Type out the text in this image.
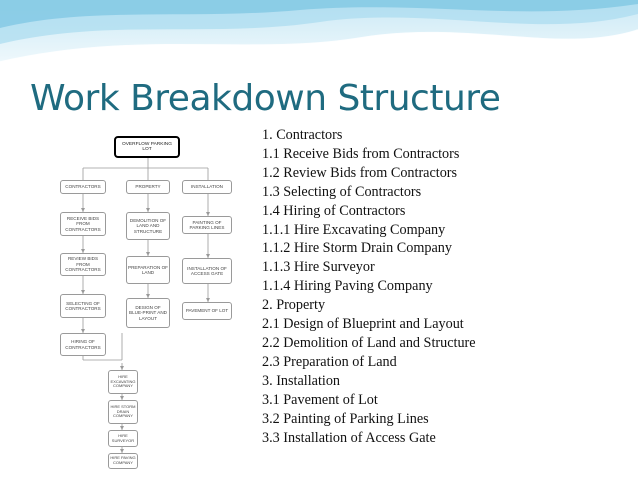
Work Breakdown Structure
OVERFLOW PARKING LOT
CONTRACTORS	PROPERTY	INSTALLATION
RECEIVE BIDS FROM CONTRACTORS
REVIEW BIDS FROM CONTRACTORS
SELECTING OF CONTRACTORS
HIRING OF CONTRACTORS
HIRE EXCAVATING COMPANY
HIRE STORM DRAIN COMPANY
HIRE SURVEYOR
HIRE PAVING COMPANY
DEMOLITION OF LAND AND STRUCTURE
PREPARATION OF LAND
DESIGN OF BLUE-PRINT AND LAYOUT
PAINTING OF PARKING LINES
INSTALLATION OF ACCESS GATE
PAVEMENT OF LOT
1. Contractors
1.1 Receive Bids from Contractors
1.2 Review Bids from Contractors
1.3 Selecting of Contractors
1.4 Hiring of Contractors
1.1.1 Hire Excavating Company
1.1.2 Hire Storm Drain Company
1.1.3 Hire Surveyor
1.1.4 Hiring Paving Company
2. Property
2.1 Design of Blueprint and Layout
2.2 Demolition of Land and Structure
2.3 Preparation of Land
3. Installation
3.1 Pavement of Lot
3.2 Painting of Parking Lines
3.3 Installation of Access Gate
